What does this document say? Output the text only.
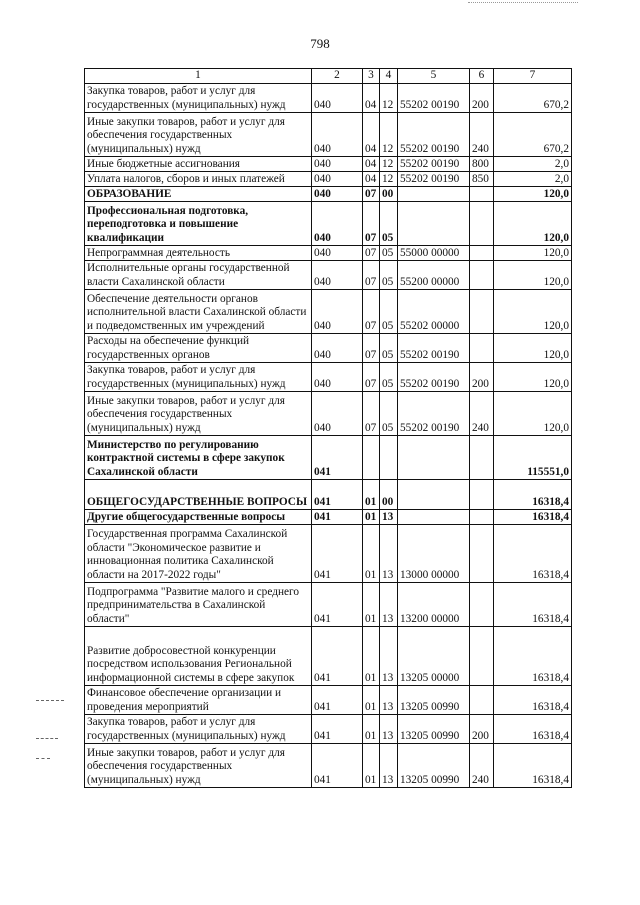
798
1	2	3	4	5	6	7
Закупка товаров, работ и услуг для государственных (муниципальных) нужд	040	04	12	55202 00190	200	670,2
Иные закупки товаров, работ и услуг для обеспечения государственных (муниципальных) нужд	040	04	12	55202 00190	240	670,2
Иные бюджетные ассигнования	040	04	12	55202 00190	800	2,0
Уплата налогов, сборов и иных платежей	040	04	12	55202 00190	850	2,0
ОБРАЗОВАНИЕ	040	07	00			120,0
Профессиональная подготовка, переподготовка и повышение квалификации	040	07	05			120,0
Непрограммная деятельность	040	07	05	55000 00000		120,0
Исполнительные органы государственной власти Сахалинской области	040	07	05	55200 00000		120,0
Обеспечение деятельности органов исполнительной власти Сахалинской области и подведомственных им учреждений	040	07	05	55202 00000		120,0
Расходы на обеспечение функций государственных органов	040	07	05	55202 00190		120,0
Закупка товаров, работ и услуг для государственных (муниципальных) нужд	040	07	05	55202 00190	200	120,0
Иные закупки товаров, работ и услуг для обеспечения государственных (муниципальных) нужд	040	07	05	55202 00190	240	120,0
Министерство по регулированию контрактной системы в сфере закупок Сахалинской области	041					115551,0
ОБЩЕГОСУДАРСТВЕННЫЕ ВОПРОСЫ	041	01	00			16318,4
Другие общегосударственные вопросы	041	01	13			16318,4
Государственная программа Сахалинской области "Экономическое развитие и инновационная политика Сахалинской области на 2017-2022 годы"	041	01	13	13000 00000		16318,4
Подпрограмма "Развитие малого и среднего предпринимательства в Сахалинской области"	041	01	13	13200 00000		16318,4
Развитие добросовестной конкуренции посредством использования Региональной информационной системы в сфере закупок	041	01	13	13205 00000		16318,4
Финансовое обеспечение организации и проведения мероприятий	041	01	13	13205 00990		16318,4
Закупка товаров, работ и услуг для государственных (муниципальных) нужд	041	01	13	13205 00990	200	16318,4
Иные закупки товаров, работ и услуг для обеспечения государственных (муниципальных) нужд	041	01	13	13205 00990	240	16318,4
